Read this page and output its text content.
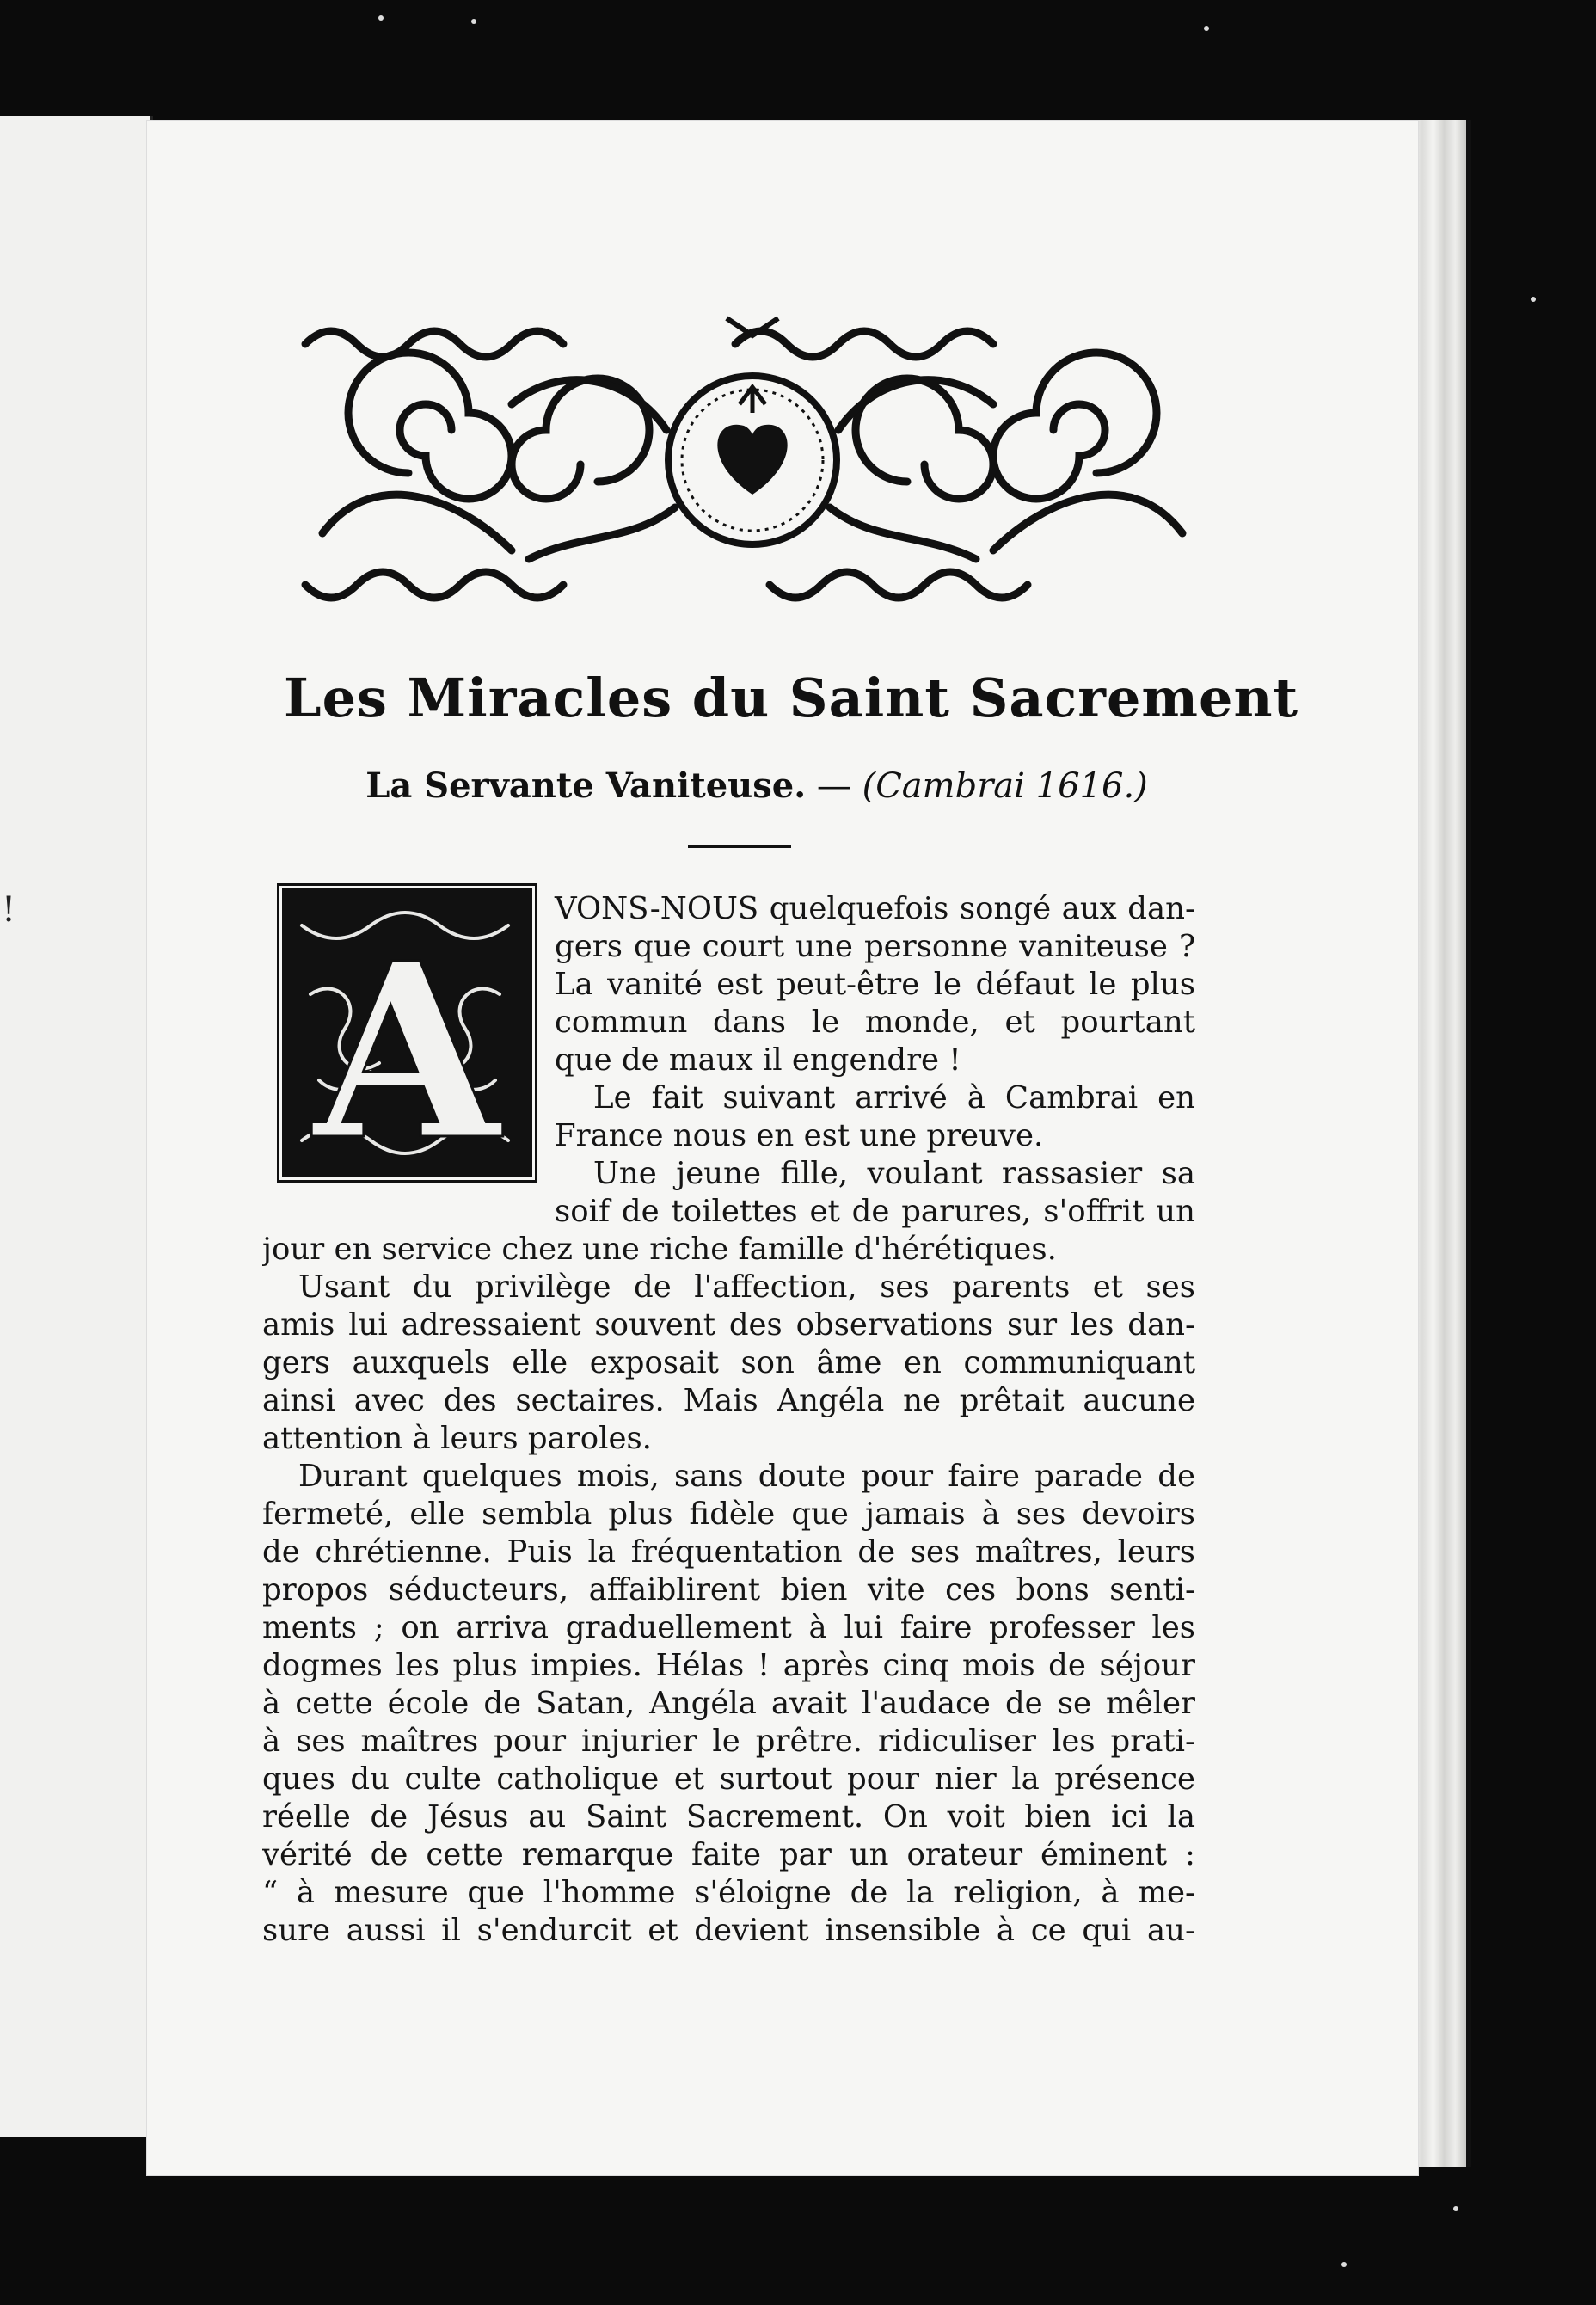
!
Les Miracles du Saint Sacrement
La Servante Vaniteuse. — (Cambrai 1616.)
A
VONS-NOUS quelquefois songé aux dan-
gers que court une personne vaniteuse ?
La vanité est peut-être le défaut le plus
commun dans le monde, et pourtant
que de maux il engendre !
Le fait suivant arrivé à Cambrai en
France nous en est une preuve.
Une jeune fille, voulant rassasier sa
soif de toilettes et de parures, s'offrit un
jour en service chez une riche famille d'hérétiques.
Usant du privilège de l'affection, ses parents et ses
amis lui adressaient souvent des observations sur les dan-
gers auxquels elle exposait son âme en communiquant
ainsi avec des sectaires. Mais Angéla ne prêtait aucune
attention à leurs paroles.
Durant quelques mois, sans doute pour faire parade de
fermeté, elle sembla plus fidèle que jamais à ses devoirs
de chrétienne. Puis la fréquentation de ses maîtres, leurs
propos séducteurs, affaiblirent bien vite ces bons senti-
ments ; on arriva graduellement à lui faire professer les
dogmes les plus impies. Hélas ! après cinq mois de séjour
à cette école de Satan, Angéla avait l'audace de se mêler
à ses maîtres pour injurier le prêtre. ridiculiser les prati-
ques du culte catholique et surtout pour nier la présence
réelle de Jésus au Saint Sacrement. On voit bien ici la
vérité de cette remarque faite par un orateur éminent :
“ à mesure que l'homme s'éloigne de la religion, à me-
sure aussi il s'endurcit et devient insensible à ce qui au-
